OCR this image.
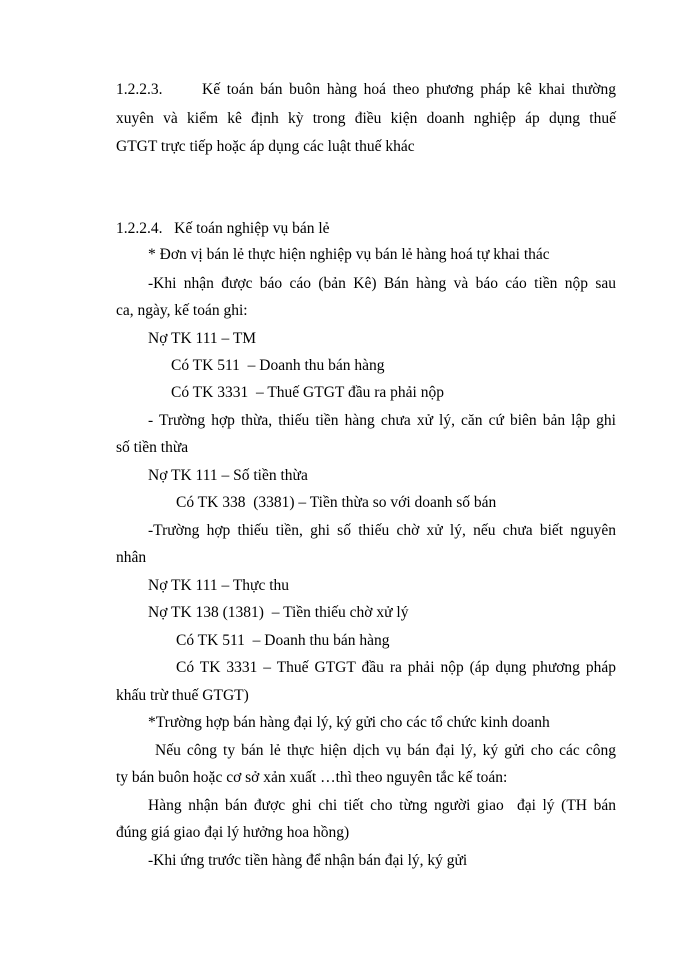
1.2.2.3.	Kế toán bán buôn hàng hoá theo phương pháp kê khai thường
xuyên và kiểm kê định kỳ trong điều kiện doanh nghiệp áp dụng thuế
GTGT trực tiếp hoặc áp dụng các luật thuế khác
1.2.2.4.   Kế toán nghiệp vụ bán lẻ
* Đơn vị bán lẻ thực hiện nghiệp vụ bán lẻ hàng hoá tự khai thác
-Khi nhận được báo cáo (bản Kê) Bán hàng và báo cáo tiền nộp sau
ca, ngày, kế toán ghi:
Nợ TK 111 – TM
Có TK 511  – Doanh thu bán hàng
Có TK 3331  – Thuế GTGT đầu ra phải nộp
- Trường hợp thừa, thiếu tiền hàng chưa xử lý, căn cứ biên bản lập ghi
số tiền thừa
Nợ TK 111 – Số tiền thừa
Có TK 338  (3381) – Tiền thừa so với doanh số bán
-Trường hợp thiếu tiền, ghi số thiếu chờ xử lý, nếu chưa biết nguyên
nhân
Nợ TK 111 – Thực thu
Nợ TK 138 (1381)  – Tiền thiếu chờ xử lý
Có TK 511  – Doanh thu bán hàng
Có TK 3331 – Thuế GTGT đầu ra phải nộp (áp dụng phương pháp
khấu trừ thuế GTGT)
*Trường hợp bán hàng đại lý, ký gửi cho các tổ chức kinh doanh
Nếu công ty bán lẻ thực hiện dịch vụ bán đại lý, ký gửi cho các công
ty bán buôn hoặc cơ sở xản xuất …thì theo nguyên tắc kế toán:
Hàng nhận bán được ghi chi tiết cho từng người giao  đại lý (TH bán
đúng giá giao đại lý hưởng hoa hồng)
-Khi ứng trước tiền hàng để nhận bán đại lý, ký gửi
